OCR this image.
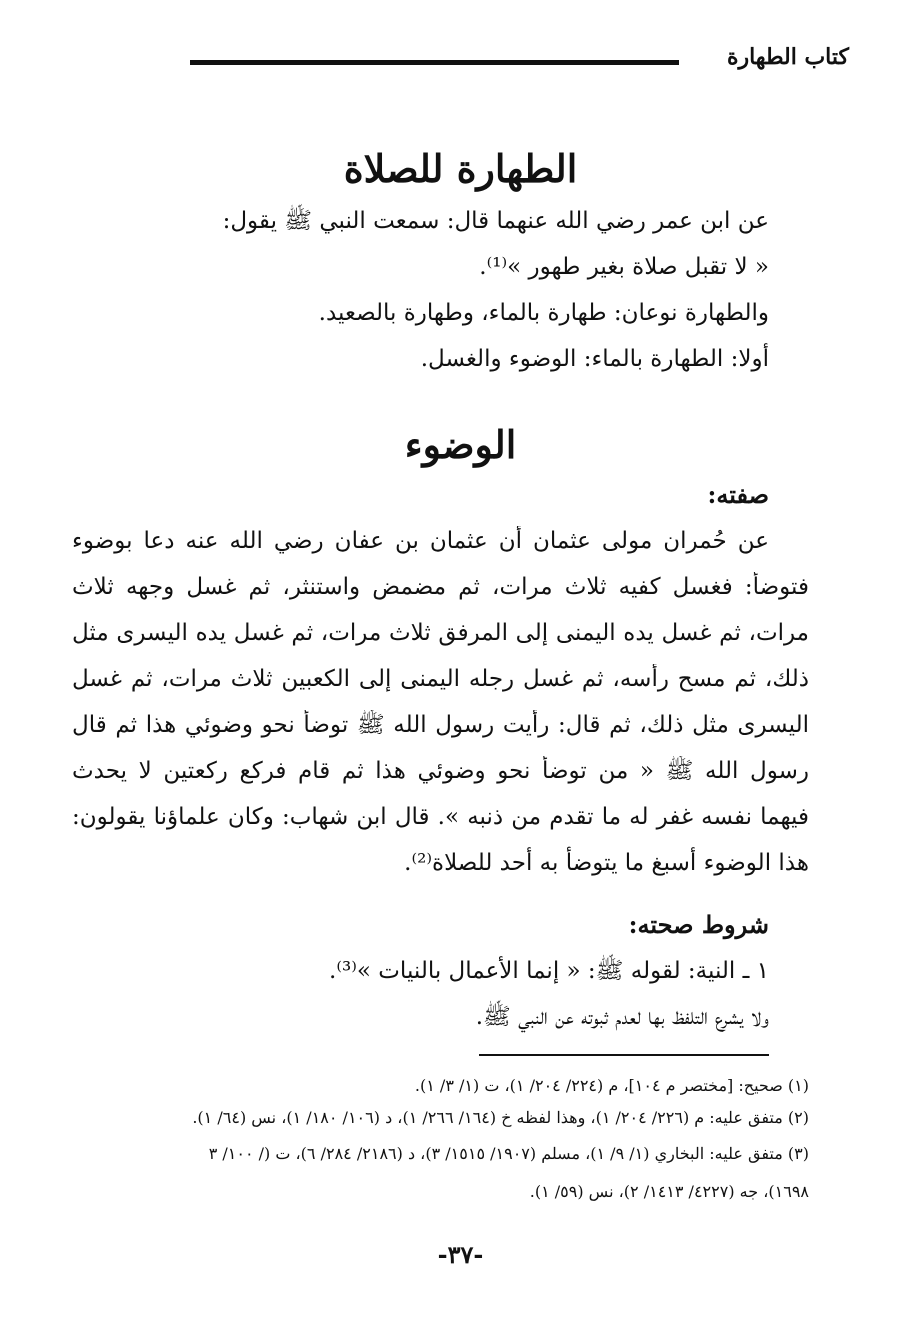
كتاب الطهارة
الطهارة للصلاة
عن ابن عمر رضي الله عنهما قال: سمعت النبي ﷺ يقول:
« لا تقبل صلاة بغير طهور »⁽¹⁾.
والطهارة نوعان: طهارة بالماء، وطهارة بالصعيد.
أولا: الطهارة بالماء: الوضوء والغسل.
الوضوء
صفته:
عن حُمران مولى عثمان أن عثمان بن عفان رضي الله عنه دعا بوضوء
فتوضأ: فغسل كفيه ثلاث مرات، ثم مضمض واستنثر، ثم غسل وجهه ثلاث
مرات، ثم غسل يده اليمنى إلى المرفق ثلاث مرات، ثم غسل يده اليسرى مثل
ذلك، ثم مسح رأسه، ثم غسل رجله اليمنى إلى الكعبين ثلاث مرات، ثم غسل
اليسرى مثل ذلك، ثم قال: رأيت رسول الله ﷺ توضأ نحو وضوئي هذا ثم قال
رسول الله ﷺ « من توضأ نحو وضوئي هذا ثم قام فركع ركعتين لا يحدث
فيهما نفسه غفر له ما تقدم من ذنبه ». قال ابن شهاب: وكان علماؤنا يقولون:
هذا الوضوء أسبغ ما يتوضأ به أحد للصلاة⁽²⁾.
شروط صحته:
١ ـ النية: لقوله ﷺ: « إنما الأعمال بالنيات »⁽³⁾.
ولا يشرع التلفظ بها لعدم ثبوته عن النبي ﷺ.
(١) صحيح: [مختصر م ١٠٤]، م (٢٢٤/ ٢٠٤/ ١)، ت (١/ ٣/ ١).
(٢) متفق عليه: م (٢٢٦/ ٢٠٤/ ١)، وهذا لفظه خ (١٦٤/ ٢٦٦/ ١)، د (١٠٦/ ١٨٠/ ١)، نس (٦٤/ ١).
(٣) متفق عليه: البخاري (١/ ٩/ ١)، مسلم (١٩٠٧/ ١٥١٥/ ٣)، د (٢١٨٦/ ٢٨٤/ ٦)، ت (/ ١٠٠/ ٣
١٦٩٨)، جه (٤٢٢٧/ ١٤١٣/ ٢)، نس (٥٩/ ١).
-٣٧-
